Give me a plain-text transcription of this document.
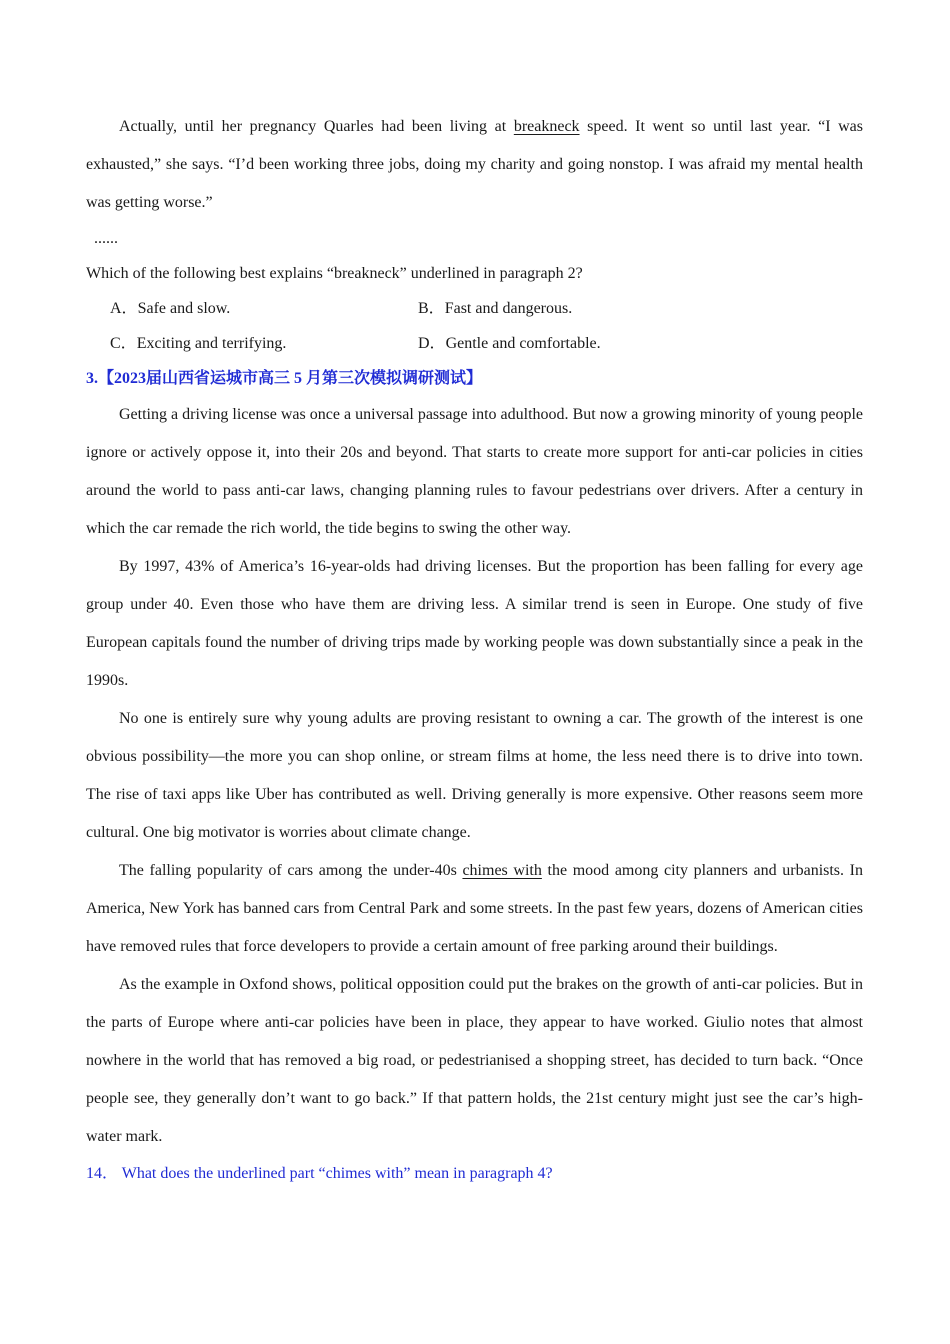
Actually, until her pregnancy Quarles had been living at breakneck speed. It went so until last year. “I was exhausted,” she says. “I’d been working three jobs, doing my charity and going nonstop. I was afraid my mental health was getting worse.”

......

Which of the following best explains “breakneck” underlined in paragraph 2?

A．Safe and slow.	B．Fast and dangerous.
C．Exciting and terrifying.	D．Gentle and comfortable.

3.【2023届山西省运城市高三 5 月第三次模拟调研测试】

Getting a driving license was once a universal passage into adulthood. But now a growing minority of young people ignore or actively oppose it, into their 20s and beyond. That starts to create more support for anti-car policies in cities around the world to pass anti-car laws, changing planning rules to favour pedestrians over drivers. After a century in which the car remade the rich world, the tide begins to swing the other way.

By 1997, 43% of America’s 16-year-olds had driving licenses. But the proportion has been falling for every age group under 40. Even those who have them are driving less. A similar trend is seen in Europe. One study of five European capitals found the number of driving trips made by working people was down substantially since a peak in the 1990s.

No one is entirely sure why young adults are proving resistant to owning a car. The growth of the interest is one obvious possibility—the more you can shop online, or stream films at home, the less need there is to drive into town. The rise of taxi apps like Uber has contributed as well. Driving generally is more expensive. Other reasons seem more cultural. One big motivator is worries about climate change.

The falling popularity of cars among the under-40s chimes with the mood among city planners and urbanists. In America, New York has banned cars from Central Park and some streets. In the past few years, dozens of American cities have removed rules that force developers to provide a certain amount of free parking around their buildings.

As the example in Oxfond shows, political opposition could put the brakes on the growth of anti-car policies. But in the parts of Europe where anti-car policies have been in place, they appear to have worked. Giulio notes that almost nowhere in the world that has removed a big road, or pedestrianised a shopping street, has decided to turn back. “Once people see, they generally don’t want to go back.” If that pattern holds, the 21st century might just see the car’s high-water mark.

14． What does the underlined part “chimes with” mean in paragraph 4?
